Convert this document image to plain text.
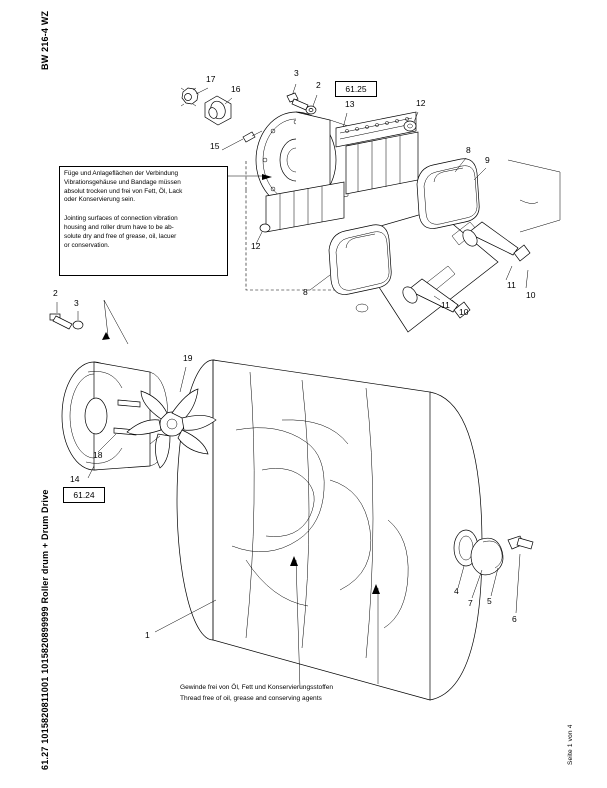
BW 216-4 WZ
61.27 1015820811001 1015820899999 Roller drum + Drum Drive	Seite 1 von 4
61.25
61.24
Füge und Anlageflächen der Verbindung
Vibrationsgehäuse und Bandage müssen
absolut trocken und frei von Fett, Öl, Lack
oder Konservierung sein.
Jointing surfaces of connection vibration
housing and roller drum have to be ab-
solute dry and free of grease, oil, lacuer
or conservation.
Gewinde frei von Öl, Fett und Konservierungsstoffen
Thread free of oil, grease and conserving agents
17
16
3
2
13	12
15	8
9
12
11
10
8
11
10
2
3
19
14
18
1
4
5
7
6
